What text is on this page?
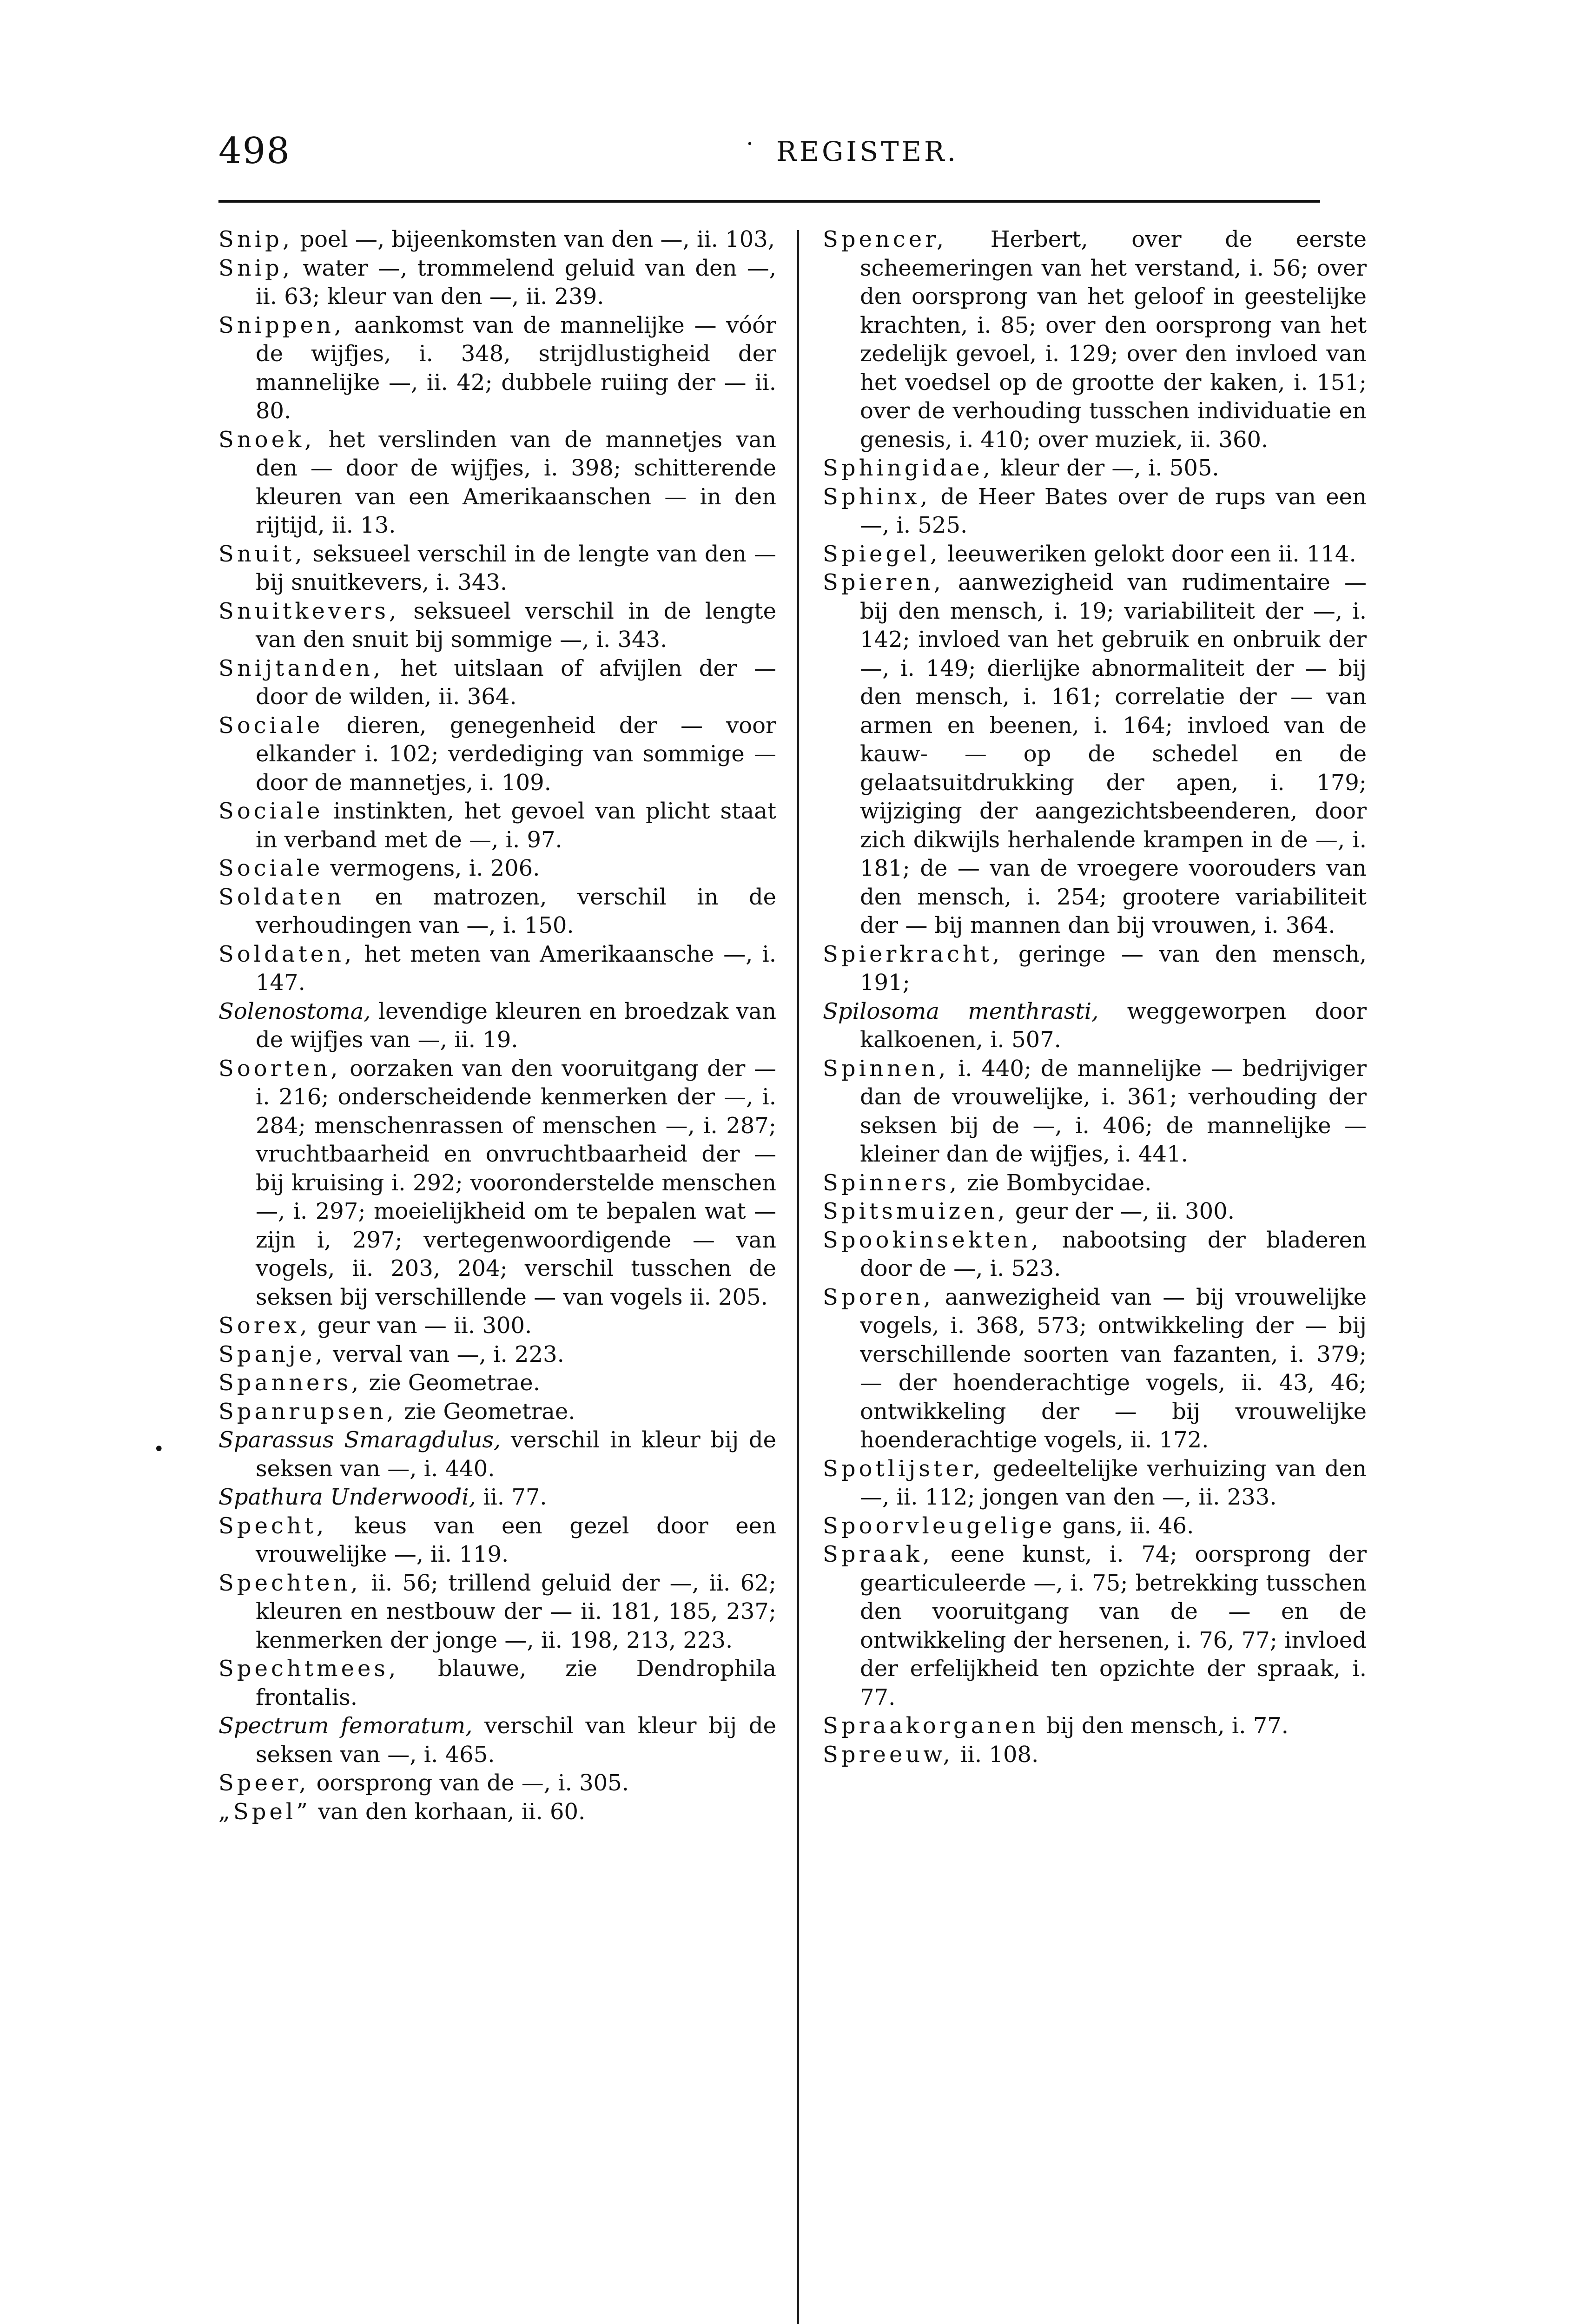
498	· REGISTER.
•

Snip, poel —, bijeenkomsten van den —, ii. 103,

Snip, water —, trommelend geluid van den —, ii. 63; kleur van den —, ii. 239.

Snippen, aankomst van de mannelijke — vóór de wijfjes, i. 348, strijdlustigheid der mannelijke —, ii. 42; dubbele ruiing der — ii. 80.

Snoek, het verslinden van de mannetjes van den — door de wijfjes, i. 398; schitterende kleuren van een Amerikaanschen — in den rijtijd, ii. 13.

Snuit, seksueel verschil in de lengte van den — bij snuitkevers, i. 343.

Snuitkevers, seksueel verschil in de lengte van den snuit bij sommige —, i. 343.

Snijtanden, het uitslaan of afvijlen der — door de wilden, ii. 364.

Sociale dieren, genegenheid der — voor elkander i. 102; verdediging van sommige — door de mannetjes, i. 109.

Sociale instinkten, het gevoel van plicht staat in verband met de —, i. 97.

Sociale vermogens, i. 206.

Soldaten en matrozen, verschil in de verhoudingen van —, i. 150.

Soldaten, het meten van Amerikaansche —, i. 147.

Solenostoma, levendige kleuren en broedzak van de wijfjes van —, ii. 19.

Soorten, oorzaken van den vooruitgang der — i. 216; onderscheidende kenmerken der —, i. 284; menschenrassen of menschen —, i. 287; vruchtbaarheid en onvruchtbaarheid der — bij kruising i. 292; vooronderstelde menschen —, i. 297; moeielijkheid om te bepalen wat — zijn i, 297; vertegenwoordigende — van vogels, ii. 203, 204; verschil tusschen de seksen bij verschillende — van vogels ii. 205.

Sorex, geur van — ii. 300.

Spanje, verval van —, i. 223.

Spanners, zie Geometrae.

Spanrupsen, zie Geometrae.

Sparassus Smaragdulus, verschil in kleur bij de seksen van —, i. 440.

Spathura Underwoodi, ii. 77.

Specht, keus van een gezel door een vrouwelijke —, ii. 119.

Spechten, ii. 56; trillend geluid der —, ii. 62; kleuren en nestbouw der — ii. 181, 185, 237; kenmerken der jonge —, ii. 198, 213, 223.

Spechtmees, blauwe, zie Dendrophila frontalis.

Spectrum femoratum, verschil van kleur bij de seksen van —, i. 465.

Speer, oorsprong van de —, i. 305.

„Spel” van den korhaan, ii. 60.

Spencer, Herbert, over de eerste scheemeringen van het verstand, i. 56; over den oorsprong van het geloof in geestelijke krachten, i. 85; over den oorsprong van het zedelijk gevoel, i. 129; over den invloed van het voedsel op de grootte der kaken, i. 151; over de verhouding tusschen individuatie en genesis, i. 410; over muziek, ii. 360.

Sphingidae, kleur der —, i. 505.

Sphinx, de Heer Bates over de rups van een —, i. 525.

Spiegel, leeuweriken gelokt door een ii. 114.

Spieren, aanwezigheid van rudimentaire — bij den mensch, i. 19; variabiliteit der —, i. 142; invloed van het gebruik en onbruik der —, i. 149; dierlijke abnormaliteit der — bij den mensch, i. 161; correlatie der — van armen en beenen, i. 164; invloed van de kauw- — op de schedel en de gelaatsuitdrukking der apen, i. 179; wijziging der aangezichtsbeenderen, door zich dikwijls herhalende krampen in de —, i. 181; de — van de vroegere voorouders van den mensch, i. 254; grootere variabiliteit der — bij mannen dan bij vrouwen, i. 364.

Spierkracht, geringe — van den mensch, 191;

Spilosoma menthrasti, weggeworpen door kalkoenen, i. 507.

Spinnen, i. 440; de mannelijke — bedrijviger dan de vrouwelijke, i. 361; verhouding der seksen bij de —, i. 406; de mannelijke — kleiner dan de wijfjes, i. 441.

Spinners, zie Bombycidae.

Spitsmuizen, geur der —, ii. 300.

Spookinsekten, nabootsing der bladeren door de —, i. 523.

Sporen, aanwezigheid van — bij vrouwelijke vogels, i. 368, 573; ontwikkeling der — bij verschillende soorten van fazanten, i. 379; — der hoenderachtige vogels, ii. 43, 46; ontwikkeling der — bij vrouwelijke hoenderachtige vogels, ii. 172.

Spotlijster, gedeeltelijke verhuizing van den —, ii. 112; jongen van den —, ii. 233.

Spoorvleugelige gans, ii. 46.

Spraak, eene kunst, i. 74; oorsprong der gearticuleerde —, i. 75; betrekking tusschen den vooruitgang van de — en de ontwikkeling der hersenen, i. 76, 77; invloed der erfelijkheid ten opzichte der spraak, i. 77.

Spraakorganen bij den mensch, i. 77.

Spreeuw, ii. 108.
